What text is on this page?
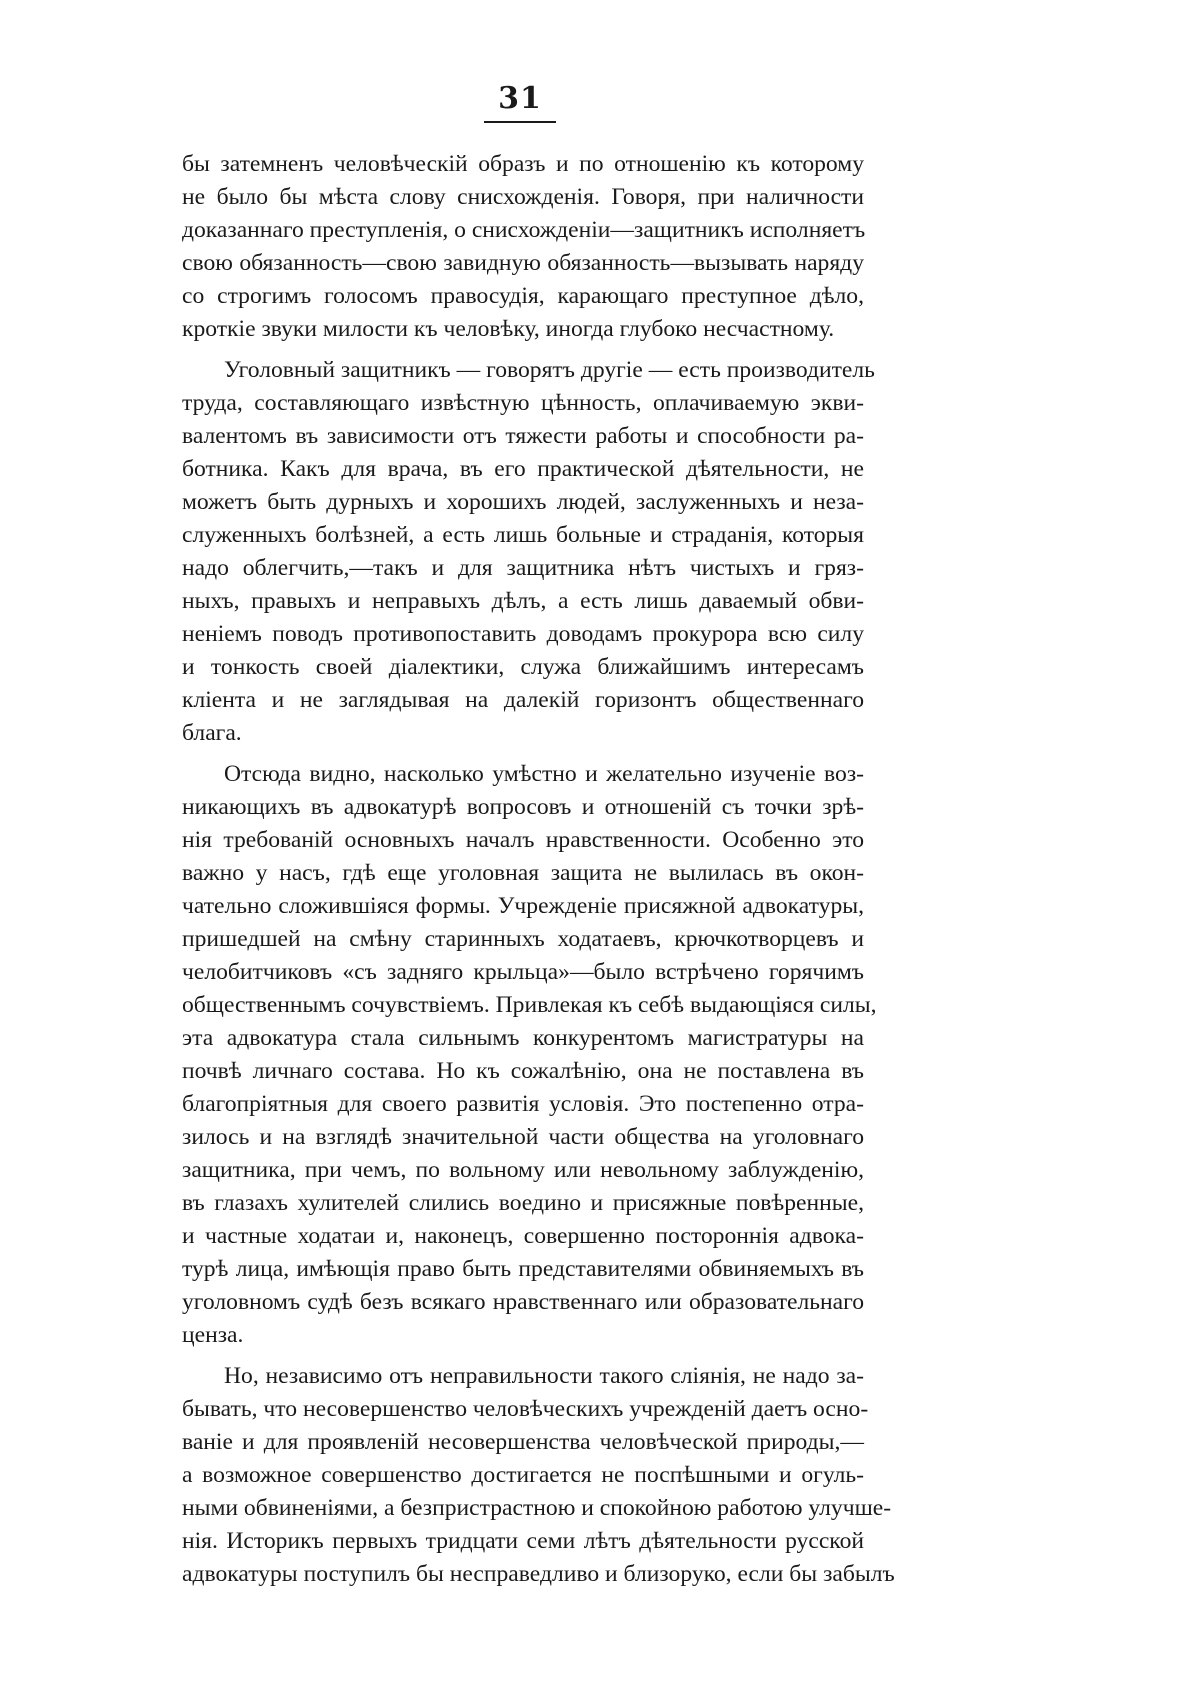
31
бы затемненъ человѣческій образъ и по отношенію къ которому
не было бы мѣста слову снисхожденія. Говоря, при наличности
доказаннаго преступленія, о снисхожденіи—защитникъ исполняетъ
свою обязанность—свою завидную обязанность—вызывать наряду
со строгимъ голосомъ правосудія, карающаго преступное дѣло,
кроткіе звуки милости къ человѣку, иногда глубоко несчастному.
Уголовный защитникъ — говорятъ другіе — есть производитель
труда, составляющаго извѣстную цѣнность, оплачиваемую экви-
валентомъ въ зависимости отъ тяжести работы и способности ра-
ботника. Какъ для врача, въ его практической дѣятельности, не
можетъ быть дурныхъ и хорошихъ людей, заслуженныхъ и неза-
служенныхъ болѣзней, а есть лишь больные и страданія, которыя
надо облегчить,—такъ и для защитника нѣтъ чистыхъ и гряз-
ныхъ, правыхъ и неправыхъ дѣлъ, а есть лишь даваемый обви-
неніемъ поводъ противопоставить доводамъ прокурора всю силу
и тонкость своей діалектики, служа ближайшимъ интересамъ
кліента и не заглядывая на далекій горизонтъ общественнаго
блага.
Отсюда видно, насколько умѣстно и желательно изученіе воз-
никающихъ въ адвокатурѣ вопросовъ и отношеній съ точки зрѣ-
нія требованій основныхъ началъ нравственности. Особенно это
важно у насъ, гдѣ еще уголовная защита не вылилась въ окон-
чательно сложившіяся формы. Учрежденіе присяжной адвокатуры,
пришедшей на смѣну старинныхъ ходатаевъ, крючкотворцевъ и
челобитчиковъ «съ задняго крыльца»—было встрѣчено горячимъ
общественнымъ сочувствіемъ. Привлекая къ себѣ выдающіяся силы,
эта адвокатура стала сильнымъ конкурентомъ магистратуры на
почвѣ личнаго состава. Но къ сожалѣнію, она не поставлена въ
благопріятныя для своего развитія условія. Это постепенно отра-
зилось и на взглядѣ значительной части общества на уголовнаго
защитника, при чемъ, по вольному или невольному заблужденію,
въ глазахъ хулителей слились воедино и присяжные повѣренные,
и частные ходатаи и, наконецъ, совершенно постороннія адвока-
турѣ лица, имѣющія право быть представителями обвиняемыхъ въ
уголовномъ судѣ безъ всякаго нравственнаго или образовательнаго
ценза.
Но, независимо отъ неправильности такого слiянiя, не надо за-
бывать, что несовершенство человѣческихъ учрежденій даетъ осно-
ваніе и для проявленій несовершенства человѣческой природы,—
а возможное совершенство достигается не поспѣшными и огуль-
ными обвиненіями, а безпристрастною и спокойною работою улучше-
нія. Историкъ первыхъ тридцати семи лѣтъ дѣятельности русской
адвокатуры поступилъ бы несправедливо и близоруко, если бы забылъ
